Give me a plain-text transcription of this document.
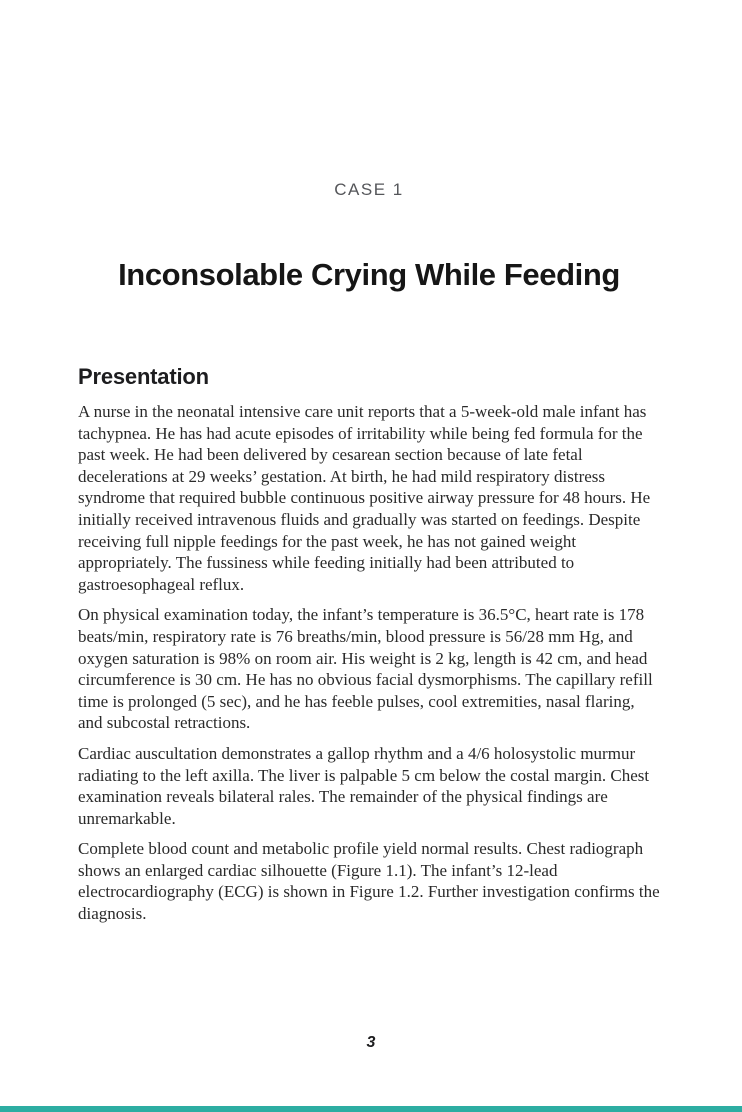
CASE 1
Inconsolable Crying While Feeding
Presentation

A nurse in the neonatal intensive care unit reports that a 5-week-old male infant has tachypnea. He has had acute episodes of irritability while being fed formula for the past week. He had been delivered by cesarean section because of late fetal decelerations at 29 weeks’ gestation. At birth, he had mild respiratory distress syndrome that required bubble continuous positive airway pressure for 48 hours. He initially received intravenous fluids and gradually was started on feedings. Despite receiving full nipple feedings for the past week, he has not gained weight appropriately. The fussiness while feeding initially had been attributed to gastroesophageal reflux.

On physical examination today, the infant’s temperature is 36.5°C, heart rate is 178 beats/min, respiratory rate is 76 breaths/min, blood pressure is 56/28 mm Hg, and oxygen saturation is 98% on room air. His weight is 2 kg, length is 42 cm, and head circumference is 30 cm. He has no obvious facial dysmorphisms. The capillary refill time is prolonged (5 sec), and he has feeble pulses, cool extremities, nasal flaring, and subcostal retractions.

Cardiac auscultation demonstrates a gallop rhythm and a 4/6 holosystolic murmur radiating to the left axilla. The liver is palpable 5 cm below the costal margin. Chest examination reveals bilateral rales. The remainder of the physical findings are unremarkable.

Complete blood count and metabolic profile yield normal results. Chest radiograph shows an enlarged cardiac silhouette (Figure 1.1). The infant’s 12-lead electrocardiography (ECG) is shown in Figure 1.2. Further investigation confirms the diagnosis.

3
